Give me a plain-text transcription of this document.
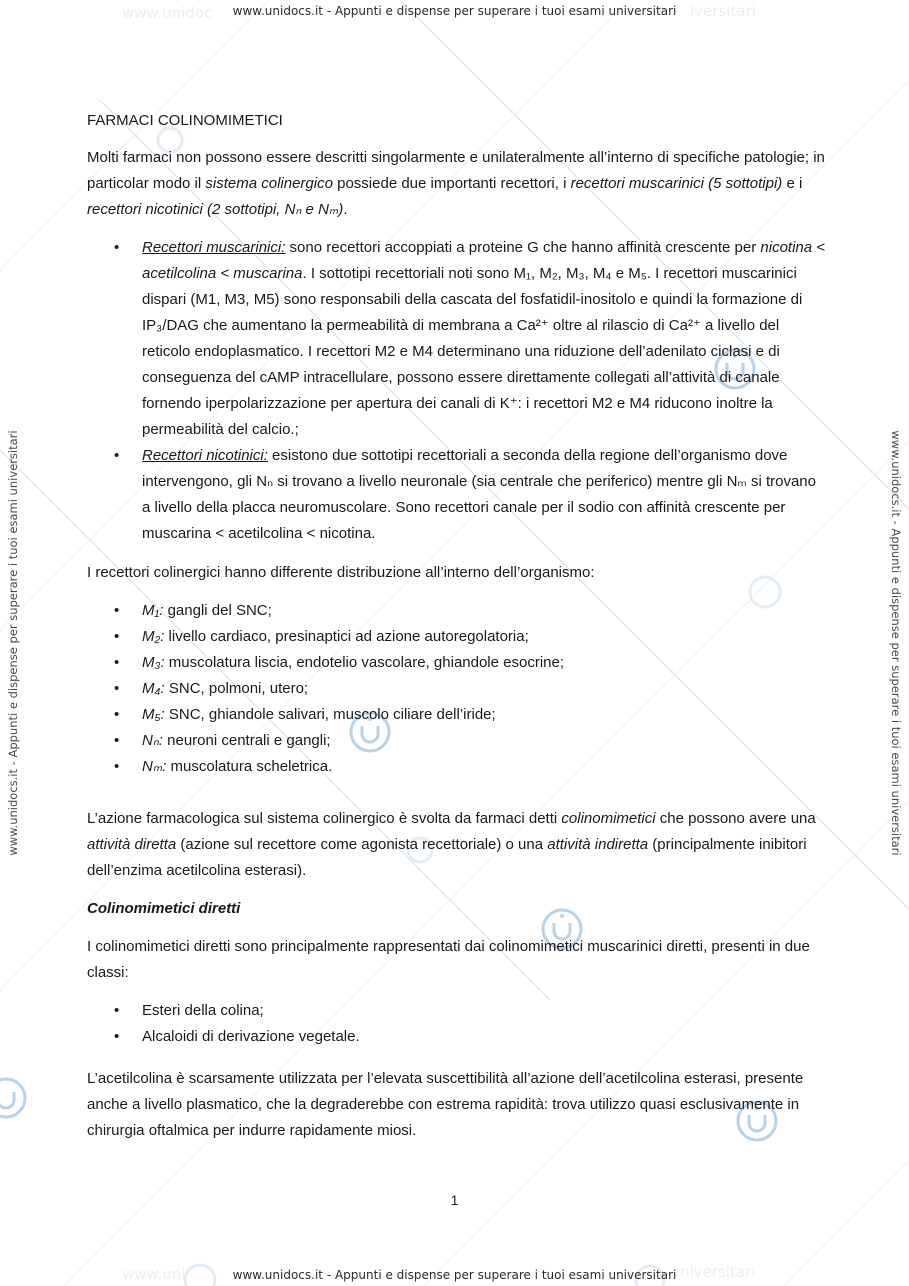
www.unidoc	iversitari
www.uni	niversitari
www.unidocs.it - Appunti e dispense per superare i tuoi esami universitari
www.unidocs.it - Appunti e dispense per superare i tuoi esami universitari
www.unidocs.it - Appunti e dispense per superare i tuoi esami universitari	www.unidocs.it - Appunti e dispense per superare i tuoi esami universitari

FARMACI COLINOMIMETICI

Molti farmaci non possono essere descritti singolarmente e unilateralmente all’interno di specifiche patologie; in particolar modo il sistema colinergico possiede due importanti recettori, i recettori muscarinici (5 sottotipi) e i recettori nicotinici (2 sottotipi, Nₙ e Nₘ).

• Recettori muscarinici: sono recettori accoppiati a proteine G che hanno affinità crescente per nicotina < acetilcolina < muscarina. I sottotipi recettoriali noti sono M₁, M₂, M₃, M₄ e M₅. I recettori muscarinici dispari (M1, M3, M5) sono responsabili della cascata del fosfatidil-inositolo e quindi la formazione di IP₃/DAG che aumentano la permeabilità di membrana a Ca²⁺ oltre al rilascio di Ca²⁺ a livello del reticolo endoplasmatico. I recettori M2 e M4 determinano una riduzione dell’adenilato ciclasi e di conseguenza del cAMP intracellulare, possono essere direttamente collegati all’attività di canale fornendo iperpolarizzazione per apertura dei canali di K⁺: i recettori M2 e M4 riducono inoltre la permeabilità del calcio.;
• Recettori nicotinici: esistono due sottotipi recettoriali a seconda della regione dell’organismo dove intervengono, gli Nₙ si trovano a livello neuronale (sia centrale che periferico) mentre gli Nₘ si trovano a livello della placca neuromuscolare. Sono recettori canale per il sodio con affinità crescente per muscarina < acetilcolina < nicotina.

I recettori colinergici hanno differente distribuzione all’interno dell’organismo:

• M₁: gangli del SNC;
• M₂: livello cardiaco, presinaptici ad azione autoregolatoria;
• M₃: muscolatura liscia, endotelio vascolare, ghiandole esocrine;
• M₄: SNC, polmoni, utero;
• M₅: SNC, ghiandole salivari, muscolo ciliare dell’iride;
• Nₙ: neuroni centrali e gangli;
• Nₘ: muscolatura scheletrica.

L’azione farmacologica sul sistema colinergico è svolta da farmaci detti colinomimetici che possono avere una attività diretta (azione sul recettore come agonista recettoriale) o una attività indiretta (principalmente inibitori dell’enzima acetilcolina esterasi).

Colinomimetici diretti

I colinomimetici diretti sono principalmente rappresentati dai colinomimetici muscarinici diretti, presenti in due classi:

• Esteri della colina;
• Alcaloidi di derivazione vegetale.

L’acetilcolina è scarsamente utilizzata per l’elevata suscettibilità all’azione dell’acetilcolina esterasi, presente anche a livello plasmatico, che la degraderebbe con estrema rapidità: trova utilizzo quasi esclusivamente in chirurgia oftalmica per indurre rapidamente miosi.

1
